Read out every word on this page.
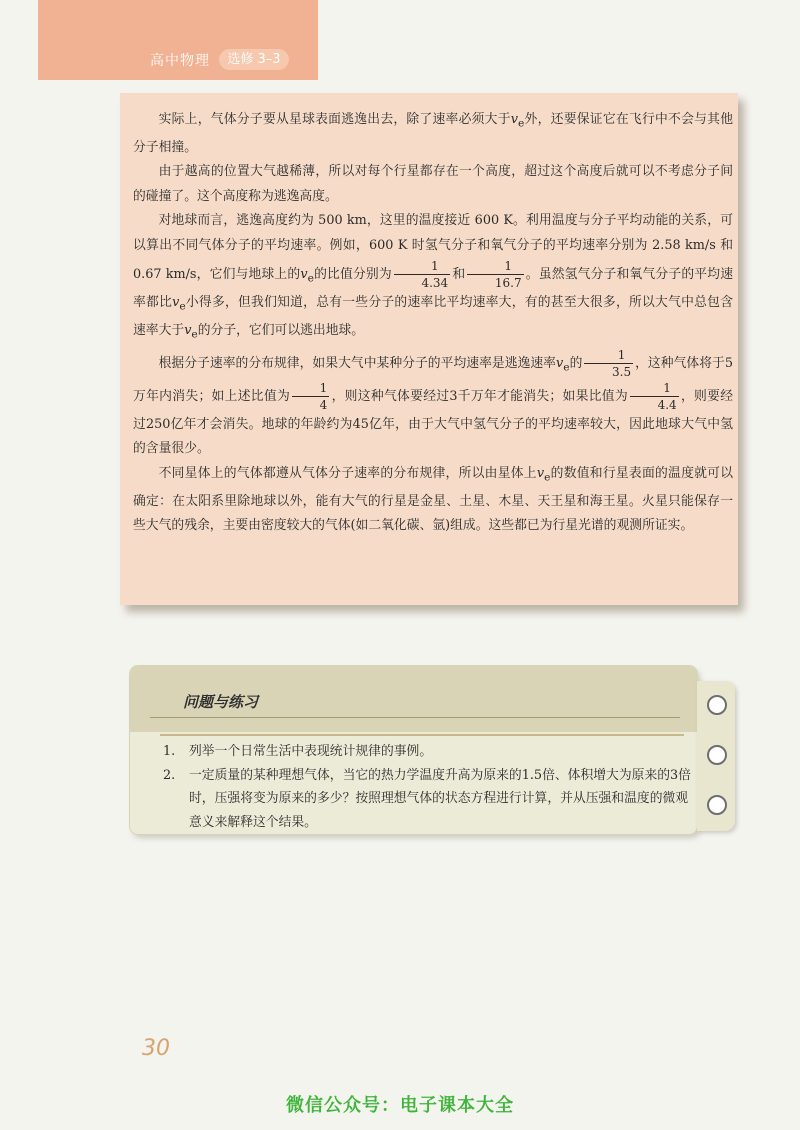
高中物理	选修 3–3

实际上，气体分子要从星球表面逃逸出去，除了速率必须大于$v_e$外，还要保证它在飞行中不会与其他分子相撞。

由于越高的位置大气越稀薄，所以对每个行星都存在一个高度，超过这个高度后就可以不考虑分子间的碰撞了。这个高度称为逃逸高度。

对地球而言，逃逸高度约为 500 km，这里的温度接近 600 K。利用温度与分子平均动能的关系，可以算出不同气体分子的平均速率。例如，600 K 时氢气分子和氧气分子的平均速率分别为 2.58 km/s 和 0.67 km/s，它们与地球上的$v_e$的比值分别为 $\frac{1}{4.34}$ 和 $\frac{1}{16.7}$ 。虽然氢气分子和氧气分子的平均速率都比$v_e$小得多，但我们知道，总有一些分子的速率比平均速率大，有的甚至大很多，所以大气中总包含速率大于$v_e$的分子，它们可以逃出地球。

根据分子速率的分布规律，如果大气中某种分子的平均速率是逃逸速率$v_e$的 $\frac{1}{3.5}$ ，这种气体将于5万年内消失；如上述比值为 $\frac{1}{4}$ ，则这种气体要经过3千万年才能消失；如果比值为 $\frac{1}{4.4}$ ，则要经过250亿年才会消失。地球的年龄约为45亿年，由于大气中氢气分子的平均速率较大，因此地球大气中氢的含量很少。

不同星体上的气体都遵从气体分子速率的分布规律，所以由星体上$v_e$的数值和行星表面的温度就可以确定：在太阳系里除地球以外，能有大气的行星是金星、土星、木星、天王星和海王星。火星只能保存一些大气的残余，主要由密度较大的气体(如二氧化碳、氩)组成。这些都已为行星光谱的观测所证实。

问题与练习
1. 列举一个日常生活中表现统计规律的事例。
2. 一定质量的某种理想气体，当它的热力学温度升高为原来的1.5倍、体积增大为原来的3倍时，压强将变为原来的多少？按照理想气体的状态方程进行计算，并从压强和温度的微观意义来解释这个结果。
30
微信公众号：电子课本大全
